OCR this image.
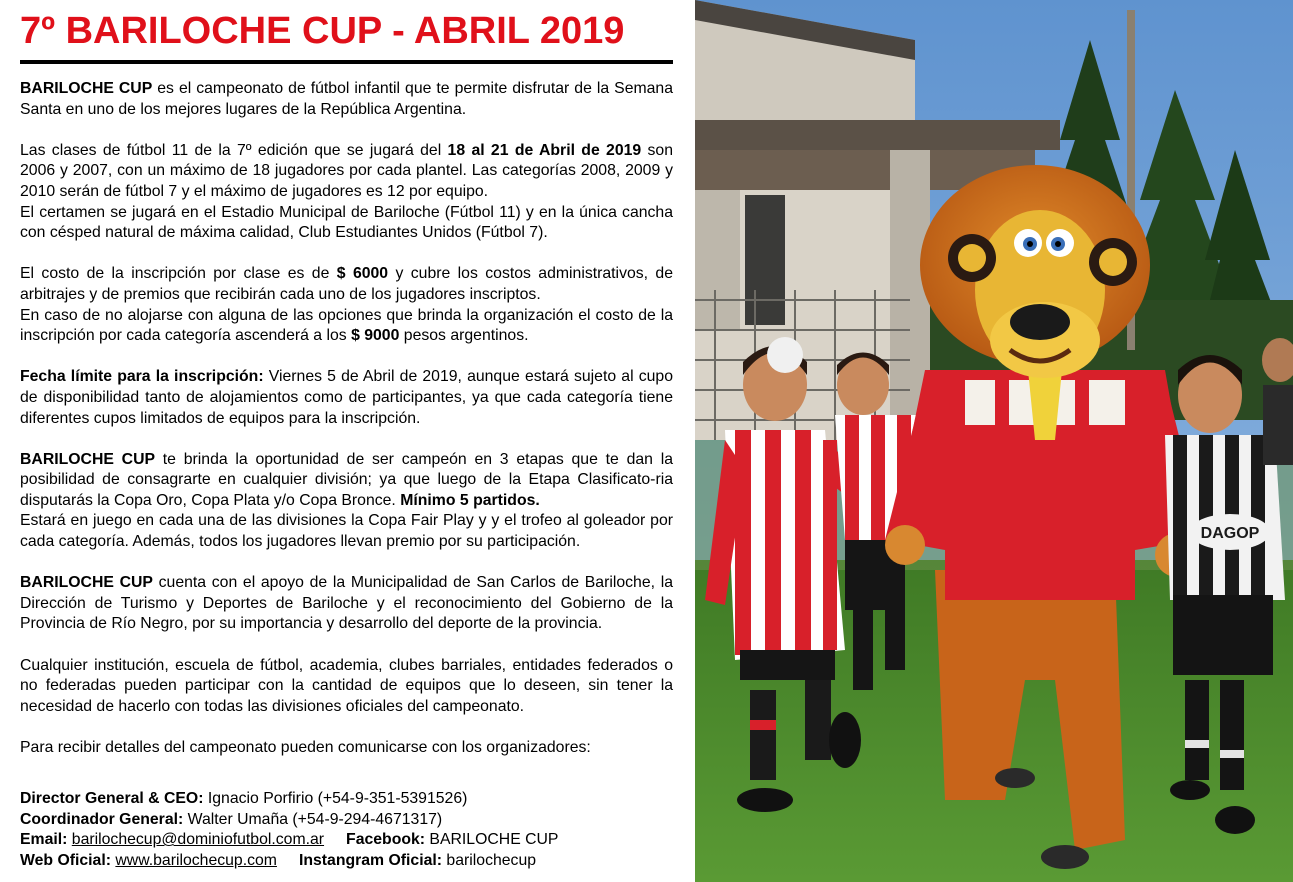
7º BARILOCHE CUP - ABRIL 2019

BARILOCHE CUP es el campeonato de fútbol infantil que te permite disfrutar de la Semana Santa en uno de los mejores lugares de la República Argentina.

Las clases de fútbol 11 de la 7º edición que se jugará del 18 al 21 de Abril de 2019 son 2006 y 2007, con un máximo de 18 jugadores por cada plantel. Las categorías 2008, 2009 y 2010 serán de fútbol 7 y el máximo de jugadores es 12 por equipo.
El certamen se jugará en el Estadio Municipal de Bariloche (Fútbol 11) y en la única cancha con césped natural de máxima calidad, Club Estudiantes Unidos (Fútbol 7).

El costo de la inscripción por clase es de $ 6000 y cubre los costos administrativos, de arbitrajes y de premios que recibirán cada uno de los jugadores inscriptos.
En caso de no alojarse con alguna de las opciones que brinda la organización el costo de la inscripción por cada categoría ascenderá a los $ 9000 pesos argentinos.

Fecha límite para la inscripción: Viernes 5 de Abril de 2019, aunque estará sujeto al cupo de disponibilidad tanto de alojamientos como de participantes, ya que cada categoría tiene diferentes cupos limitados de equipos para la inscripción.

BARILOCHE CUP te brinda la oportunidad de ser campeón en 3 etapas que te dan la posibilidad de consagrarte en cualquier división; ya que luego de la Etapa Clasificato-ria disputarás la Copa Oro, Copa Plata y/o Copa Bronce. Mínimo 5 partidos.
Estará en juego en cada una de las divisiones la Copa Fair Play y y el trofeo al goleador por cada categoría. Además, todos los jugadores llevan premio por su participación.

BARILOCHE CUP cuenta con el apoyo de la Municipalidad de San Carlos de Bariloche, la Dirección de Turismo y Deportes de Bariloche y el reconocimiento del Gobierno de la Provincia de Río Negro, por su importancia y desarrollo del deporte de la provincia.

Cualquier institución, escuela de fútbol, academia, clubes barriales, entidades federados o no federadas pueden participar con la cantidad de equipos que lo deseen, sin tener la necesidad de hacerlo con todas las divisiones oficiales del campeonato.

Para recibir detalles del campeonato pueden comunicarse con los organizadores:

Director General & CEO: Ignacio Porfirio (+54-9-351-5391526)
Coordinador General: Walter Umaña (+54-9-294-4671317)
Email: barilochecup@dominiofutbol.com.ar Facebook: BARILOCHE CUP
Web Oficial: www.barilochecup.com Instangram Oficial: barilochecup
DAGOP
